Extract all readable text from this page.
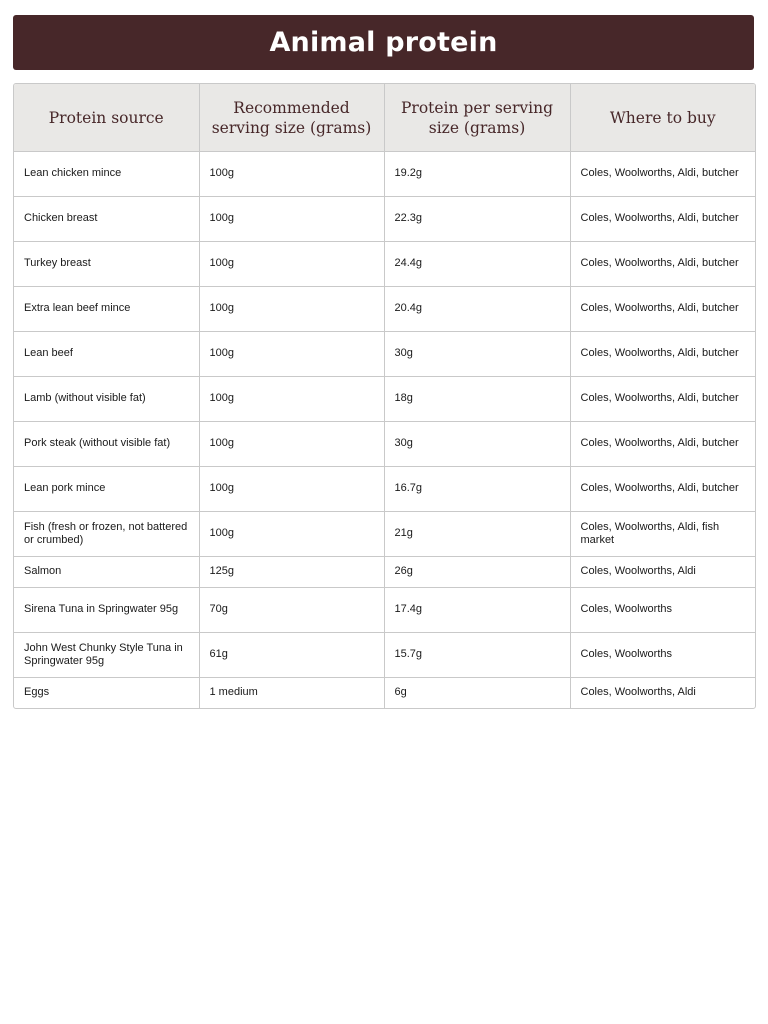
Animal protein
Protein source	Recommended serving size (grams)	Protein per serving size (grams)	Where to buy
Lean chicken mince	100g	19.2g	Coles, Woolworths, Aldi, butcher
Chicken breast	100g	22.3g	Coles, Woolworths, Aldi, butcher
Turkey breast	100g	24.4g	Coles, Woolworths, Aldi, butcher
Extra lean beef mince	100g	20.4g	Coles, Woolworths, Aldi, butcher
Lean beef	100g	30g	Coles, Woolworths, Aldi, butcher
Lamb (without visible fat)	100g	18g	Coles, Woolworths, Aldi, butcher
Pork steak (without visible fat)	100g	30g	Coles, Woolworths, Aldi, butcher
Lean pork mince	100g	16.7g	Coles, Woolworths, Aldi, butcher
Fish (fresh or frozen, not battered or crumbed)	100g	21g	Coles, Woolworths, Aldi, fish market
Salmon	125g	26g	Coles, Woolworths, Aldi
Sirena Tuna in Springwater 95g	70g	17.4g	Coles, Woolworths
John West Chunky Style Tuna in Springwater 95g	61g	15.7g	Coles, Woolworths
Eggs	1 medium	6g	Coles, Woolworths, Aldi
